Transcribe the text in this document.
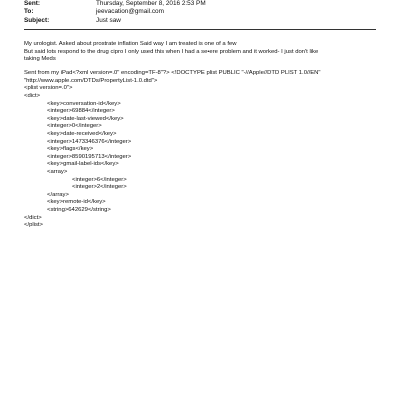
Sent:	Thursday, September 8, 2016 2:53 PM
To:	jeevacation@gmail.com
Subject:	Just saw
My urologist. Asked about prostrate inflation Said way I am treated is one of a few
But said lots respond to the drug cipro I only used this when I had a se•ere problem and it worked- I just don't like
taking Meds
Sent from my iPad<?xml version=.0" encoding=TF-8"?> <!DOCTYPE plist PUBLIC "-//Apple//DTD PLIST 1.0//EN"
"http://www.apple.com/DTDs/PropertyList-1.0.dtd">
<plist version=.0">
<dict>
<key>conversation-id</key>
<integer>69884</integer>
<key>date-last-viewed</key>
<integer>0</integer>
<key>date-received</key>
<integer>1473346376</integer>
<key>flags</key>
<integer>8590195713</integer>
<key>gmail-label-ids</key>
<array>
<integer>6</integer>
<integer>2</integer>
</array>
<key>remote-id</key>
<string>642629</string>
</dict>
</plist>
